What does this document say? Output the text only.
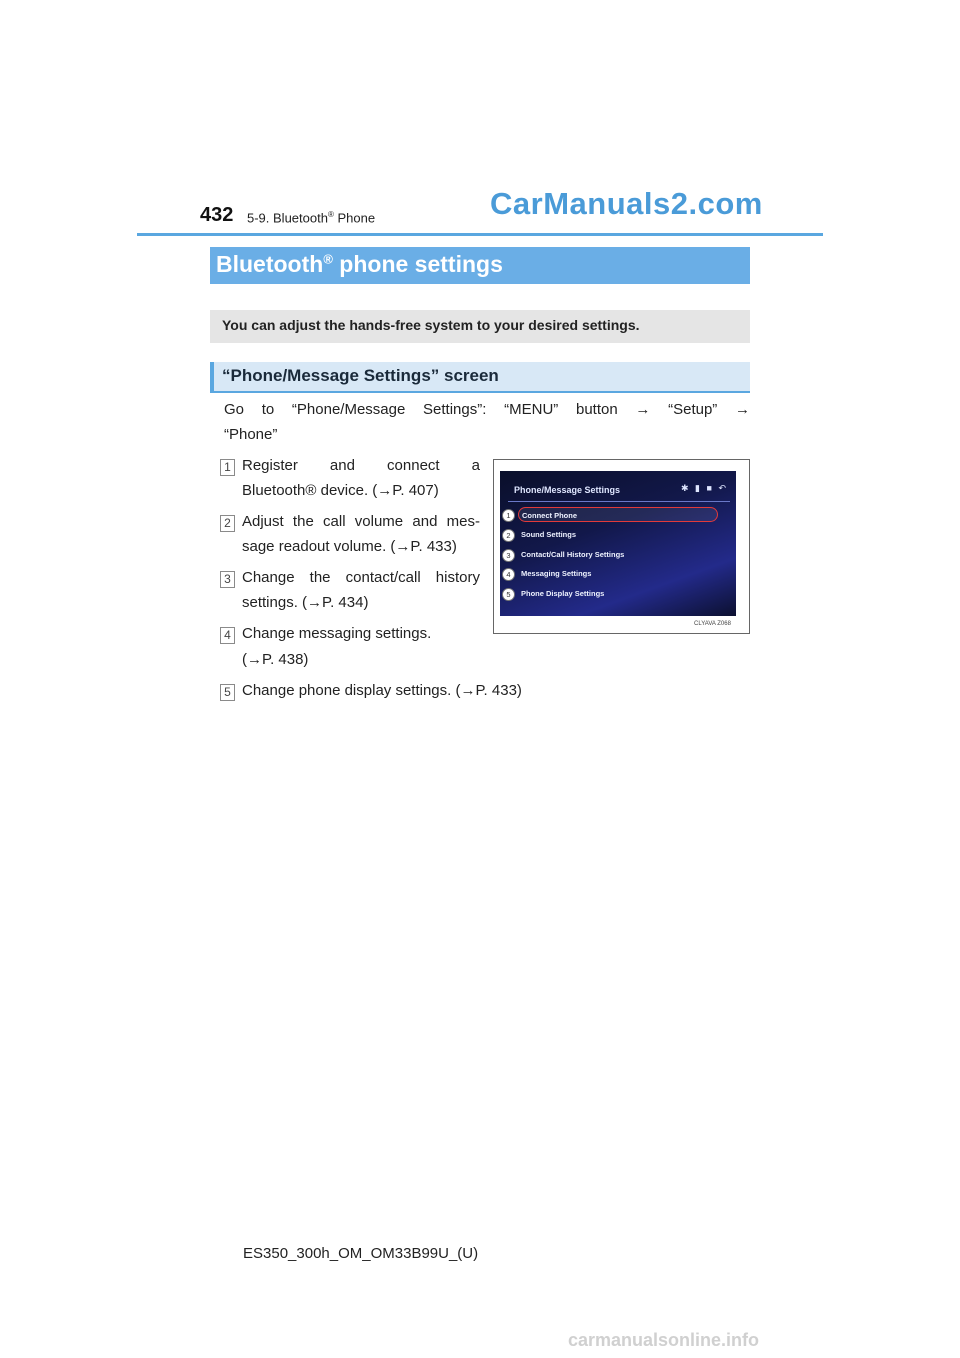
432 5-9. Bluetooth® Phone	CarManuals2.com
Bluetooth® phone settings
You can adjust the hands-free system to your desired settings.
“Phone/Message Settings” screen
Go to “Phone/Message Settings”: “MENU” button → “Setup” →
“Phone”
1 Register and connect a
Bluetooth® device. (→P. 407)
2 Adjust the call volume and mes-
sage readout volume. (→P. 433)
3 Change the contact/call history
settings. (→P. 434)
4 Change messaging settings.
(→P. 438)
5 Change phone display settings. (→P. 433)
Phone/Message Settings	✱ ▮ ■ ↶
1	Connect Phone
2	Sound Settings
3	Contact/Call History Settings
4	Messaging Settings
5	Phone Display Settings
CLYAVA Z068
ES350_300h_OM_OM33B99U_(U)
carmanualsonline.info
